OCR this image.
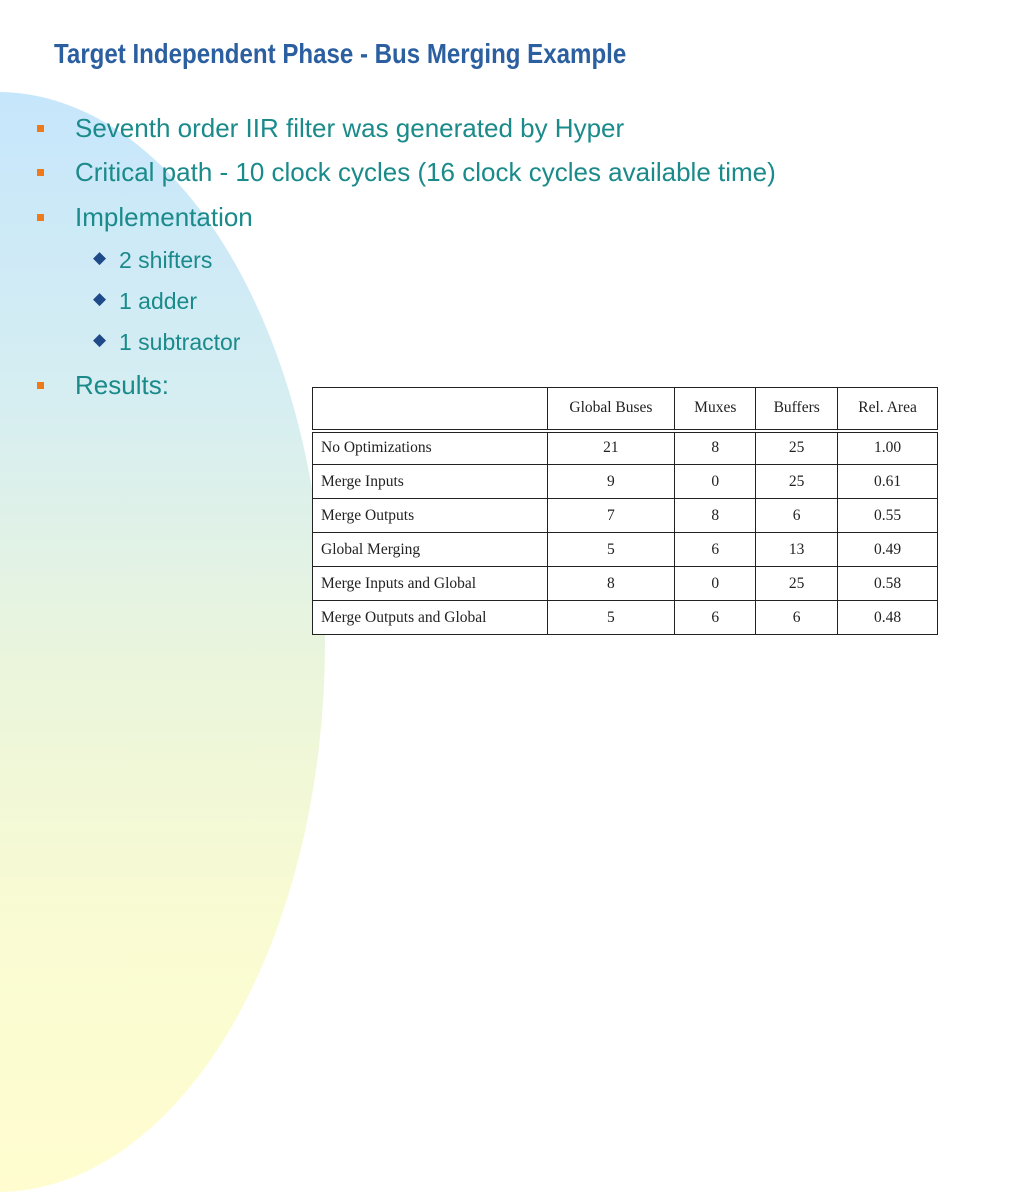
Target Independent Phase - Bus Merging Example
Seventh order IIR filter was generated by Hyper
Critical path - 10 clock cycles (16 clock cycles available time)
Implementation
◆ 2 shifters
◆ 1 adder
◆ 1 subtractor
Results:
	Global Buses	Muxes	Buffers	Rel. Area
No Optimizations	21	8	25	1.00
Merge Inputs	9	0	25	0.61
Merge Outputs	7	8	6	0.55
Global Merging	5	6	13	0.49
Merge Inputs and Global	8	0	25	0.58
Merge Outputs and Global	5	6	6	0.48
